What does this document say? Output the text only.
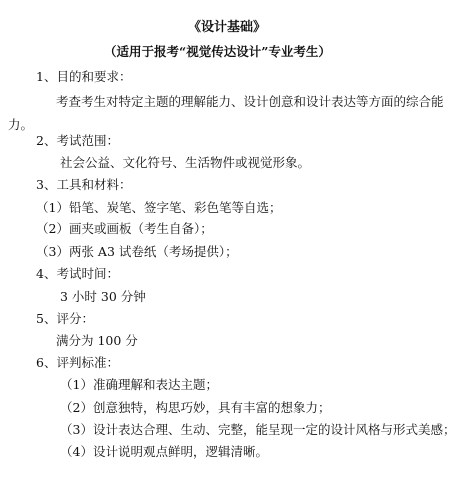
《设计基础》
（适用于报考“视觉传达设计”专业考生）
1、目的和要求：
考查考生对特定主题的理解能力、设计创意和设计表达等方面的综合能
力。
2、考试范围：
社会公益、文化符号、生活物件或视觉形象。
3、工具和材料：
（1）铅笔、炭笔、签字笔、彩色笔等自选；
（2）画夹或画板（考生自备）；
（3）两张 A3 试卷纸（考场提供）；
4、考试时间：
3 小时 30 分钟
5、评分：
满分为 100 分
6、评判标准：
（1）准确理解和表达主题；
（2）创意独特，构思巧妙，具有丰富的想象力；
（3）设计表达合理、生动、完整，能呈现一定的设计风格与形式美感；
（4）设计说明观点鲜明，逻辑清晰。
